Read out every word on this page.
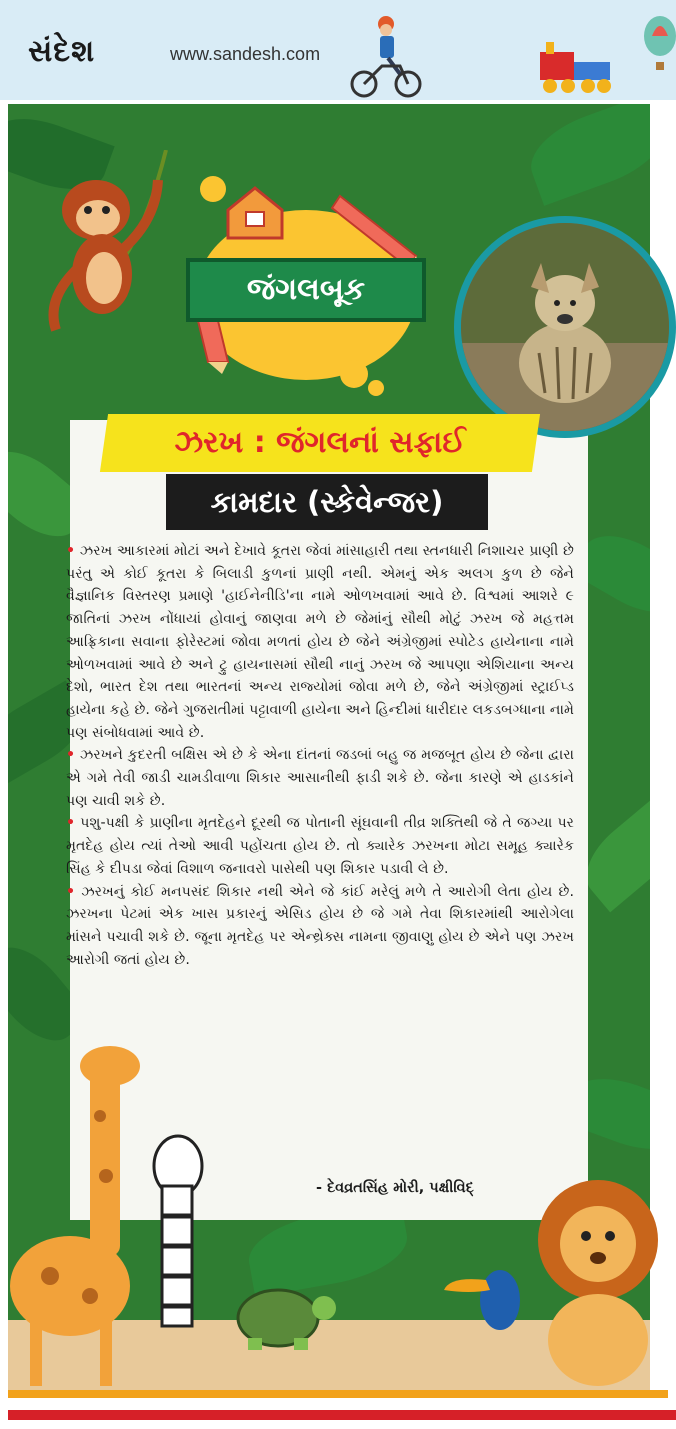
સંદેશ	www.sandesh.com
જંગલબૂક
ઝરખ : જંગલનાં સફાઈ
કામદાર (સ્કેવેન્જર)

• ઝરખ આકારમાં મોટાં અને દેખાવે કૂતરા જેવાં માંસાહારી તથા સ્તનધારી નિશાચર પ્રાણી છે પરંતુ એ કોઈ કૂતરા કે બિલાડી કુળનાં પ્રાણી નથી. એમનું એક અલગ કુળ છે જેને વૈજ્ઞાનિક વિસ્તરણ પ્રમાણે 'હાઈનેનીડિ'ના નામે ઓળખવામાં આવે છે. વિશ્વમાં આશરે ૯ જાતિનાં ઝરખ નોંધાયાં હોવાનું જાણવા મળે છે જેમાંનું સૌથી મોટું ઝરખ જે મહત્તમ આફ્રિકાના સવાના ફોરેસ્ટમાં જોવા મળતાં હોય છે જેને અંગ્રેજીમાં સ્પોટેડ હાયેનાના નામે ઓળખવામાં આવે છે અને ટ્રુ હાયનાસમાં સૌથી નાનું ઝરખ જે આપણા એશિયાના અન્ય દેશો, ભારત દેશ તથા ભારતનાં અન્ય રાજ્યોમાં જોવા મળે છે, જેને અંગ્રેજીમાં સ્ટ્રાઈપ્ડ હાયેના કહે છે. જેને ગુજરાતીમાં પટ્ટાવાળી હાયેના અને હિન્દીમાં ધારીદાર લકડબગ્ધાના નામે પણ સંબોધવામાં આવે છે.

• ઝરખને કુદરતી બક્ષિસ એ છે કે એના દાંતનાં જડબાં બહુ જ મજબૂત હોય છે જેના દ્વારા એ ગમે તેવી જાડી ચામડીવાળા શિકાર આસાનીથી ફાડી શકે છે. જેના કારણે એ હાડકાંને પણ ચાવી શકે છે.

• પશુ-પક્ષી કે પ્રાણીના મૃતદેહને દૂરથી જ પોતાની સૂંઘવાની તીવ્ર શક્તિથી જે તે જગ્યા પર મૃતદેહ હોય ત્યાં તેઓ આવી પહોંચતા હોય છે. તો ક્યારેક ઝરખના મોટા સમૂહ ક્યારેક સિંહ કે દીપડા જેવાં વિશાળ જનાવરો પાસેથી પણ શિકાર પડાવી લે છે.

• ઝરખનું કોઈ મનપસંદ શિકાર નથી એને જે કાંઈ મરેલું મળે તે આરોગી લેતા હોય છે. ઝરખના પેટમાં એક ખાસ પ્રકારનું એસિડ હોય છે જે ગમે તેવા શિકારમાંથી આરોગેલા માંસને પચાવી શકે છે. જૂના મૃતદેહ પર એન્થ્રેક્સ નામના જીવાણુ હોય છે એને પણ ઝરખ આરોગી જતાં હોય છે.

- દેવવ્રતસિંહ મોરી, પક્ષીવિદ્
